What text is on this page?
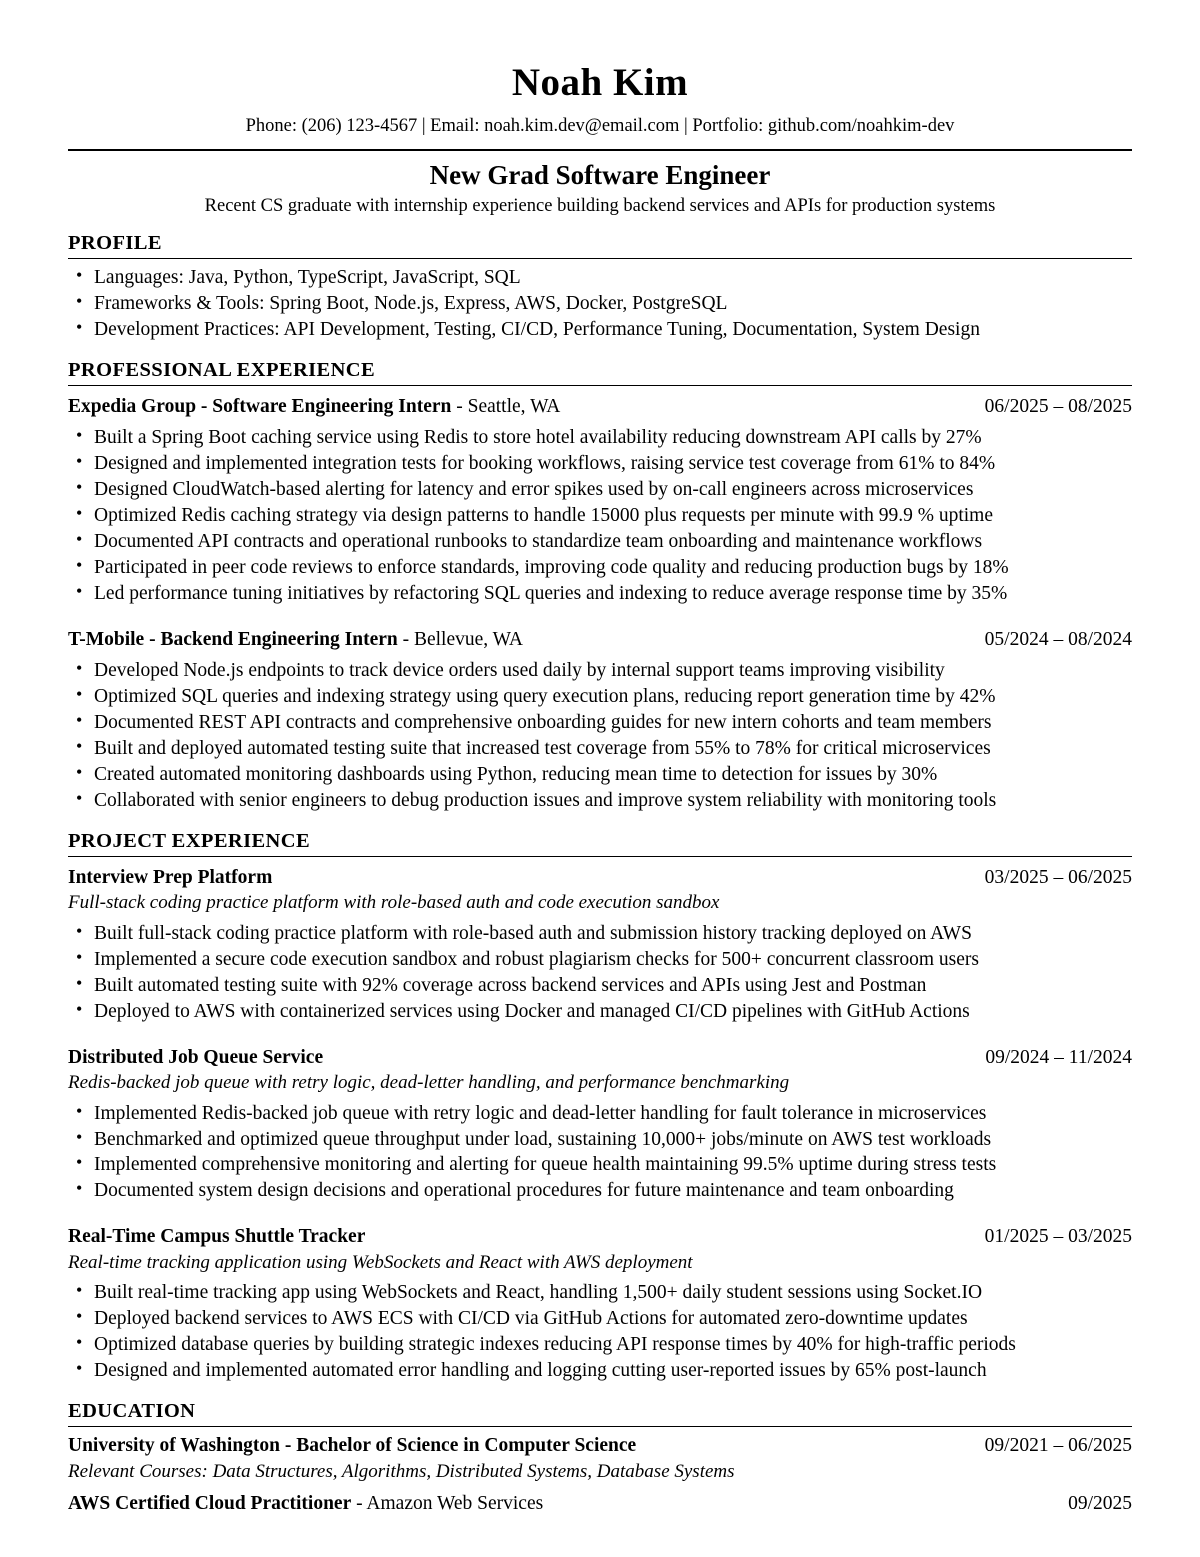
Noah Kim
Phone: (206) 123-4567 | Email: noah.kim.dev@email.com | Portfolio: github.com/noahkim-dev
New Grad Software Engineer
Recent CS graduate with internship experience building backend services and APIs for production systems
PROFILE
• Languages: Java, Python, TypeScript, JavaScript, SQL
• Frameworks & Tools: Spring Boot, Node.js, Express, AWS, Docker, PostgreSQL
• Development Practices: API Development, Testing, CI/CD, Performance Tuning, Documentation, System Design
PROFESSIONAL EXPERIENCE
Expedia Group - Software Engineering Intern - Seattle, WA	06/2025 – 08/2025
• Built a Spring Boot caching service using Redis to store hotel availability reducing downstream API calls by 27%
• Designed and implemented integration tests for booking workflows, raising service test coverage from 61% to 84%
• Designed CloudWatch-based alerting for latency and error spikes used by on-call engineers across microservices
• Optimized Redis caching strategy via design patterns to handle 15000 plus requests per minute with 99.9 % uptime
• Documented API contracts and operational runbooks to standardize team onboarding and maintenance workflows
• Participated in peer code reviews to enforce standards, improving code quality and reducing production bugs by 18%
• Led performance tuning initiatives by refactoring SQL queries and indexing to reduce average response time by 35%
T-Mobile - Backend Engineering Intern - Bellevue, WA	05/2024 – 08/2024
• Developed Node.js endpoints to track device orders used daily by internal support teams improving visibility
• Optimized SQL queries and indexing strategy using query execution plans, reducing report generation time by 42%
• Documented REST API contracts and comprehensive onboarding guides for new intern cohorts and team members
• Built and deployed automated testing suite that increased test coverage from 55% to 78% for critical microservices
• Created automated monitoring dashboards using Python, reducing mean time to detection for issues by 30%
• Collaborated with senior engineers to debug production issues and improve system reliability with monitoring tools
PROJECT EXPERIENCE
Interview Prep Platform	03/2025 – 06/2025
Full-stack coding practice platform with role-based auth and code execution sandbox
• Built full-stack coding practice platform with role-based auth and submission history tracking deployed on AWS
• Implemented a secure code execution sandbox and robust plagiarism checks for 500+ concurrent classroom users
• Built automated testing suite with 92% coverage across backend services and APIs using Jest and Postman
• Deployed to AWS with containerized services using Docker and managed CI/CD pipelines with GitHub Actions
Distributed Job Queue Service	09/2024 – 11/2024
Redis-backed job queue with retry logic, dead-letter handling, and performance benchmarking
• Implemented Redis-backed job queue with retry logic and dead-letter handling for fault tolerance in microservices
• Benchmarked and optimized queue throughput under load, sustaining 10,000+ jobs/minute on AWS test workloads
• Implemented comprehensive monitoring and alerting for queue health maintaining 99.5% uptime during stress tests
• Documented system design decisions and operational procedures for future maintenance and team onboarding
Real-Time Campus Shuttle Tracker	01/2025 – 03/2025
Real-time tracking application using WebSockets and React with AWS deployment
• Built real-time tracking app using WebSockets and React, handling 1,500+ daily student sessions using Socket.IO
• Deployed backend services to AWS ECS with CI/CD via GitHub Actions for automated zero-downtime updates
• Optimized database queries by building strategic indexes reducing API response times by 40% for high-traffic periods
• Designed and implemented automated error handling and logging cutting user-reported issues by 65% post-launch
EDUCATION
University of Washington - Bachelor of Science in Computer Science	09/2021 – 06/2025
Relevant Courses: Data Structures, Algorithms, Distributed Systems, Database Systems
AWS Certified Cloud Practitioner - Amazon Web Services	09/2025
